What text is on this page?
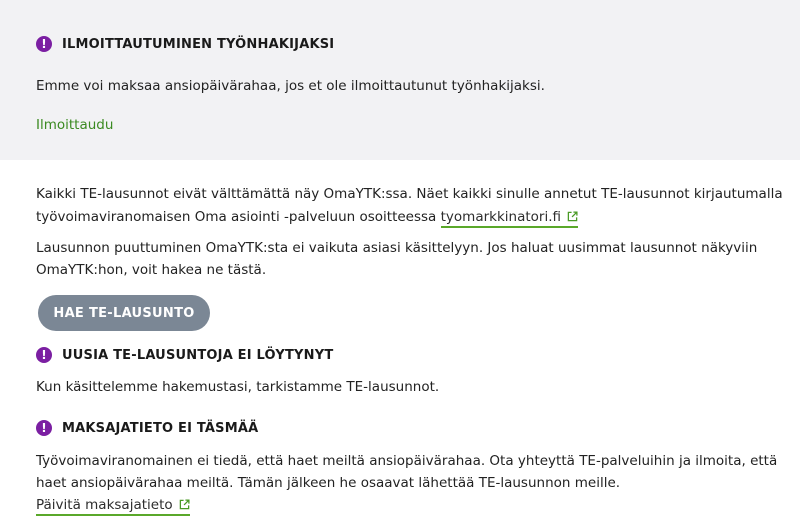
!	ILMOITTAUTUMINEN TYÖNHAKIJAKSI
Emme voi maksaa ansiopäivärahaa, jos et ole ilmoittautunut työnhakijaksi.
Ilmoittaudu
Kaikki TE-lausunnot eivät välttämättä näy OmaYTK:ssa. Näet kaikki sinulle annetut TE-lausunnot kirjautumalla
työvoimaviranomaisen Oma asiointi -palveluun osoitteessa tyomarkkinatori.fi
Lausunnon puuttuminen OmaYTK:sta ei vaikuta asiasi käsittelyyn. Jos haluat uusimmat lausunnot näkyviin
OmaYTK:hon, voit hakea ne tästä.
HAE TE-LAUSUNTO
!	UUSIA TE-LAUSUNTOJA EI LÖYTYNYT
Kun käsittelemme hakemustasi, tarkistamme TE-lausunnot.
!	MAKSAJATIETO EI TÄSMÄÄ
Työvoimaviranomainen ei tiedä, että haet meiltä ansiopäivärahaa. Ota yhteyttä TE-palveluihin ja ilmoita, että
haet ansiopäivärahaa meiltä. Tämän jälkeen he osaavat lähettää TE-lausunnon meille.
Päivitä maksajatieto
